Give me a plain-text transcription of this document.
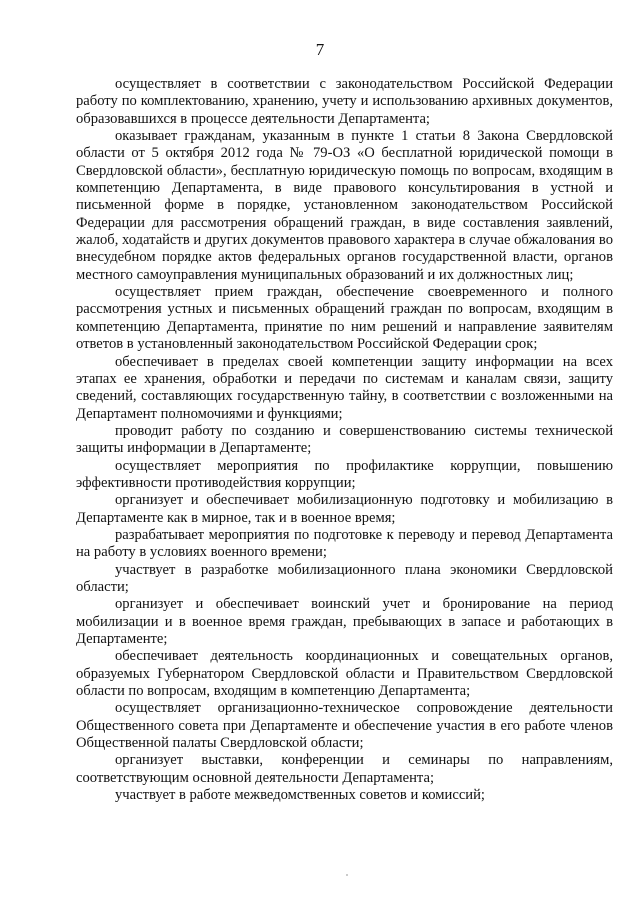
7

осуществляет в соответствии с законодательством Российской Федерации работу по комплектованию, хранению, учету и использованию архивных документов, образовавшихся в процессе деятельности Департамента;

оказывает гражданам, указанным в пункте 1 статьи 8 Закона Свердловской области от 5 октября 2012 года № 79-ОЗ «О бесплатной юридической помощи в Свердловской области», бесплатную юридическую помощь по вопросам, входящим в компетенцию Департамента, в виде правового консультирования в устной и письменной форме в порядке, установленном законодательством Российской Федерации для рассмотрения обращений граждан, в виде составления заявлений, жалоб, ходатайств и других документов правового характера в случае обжалования во внесудебном порядке актов федеральных органов государственной власти, органов местного самоуправления муниципальных образований и их должностных лиц;

осуществляет прием граждан, обеспечение своевременного и полного рассмотрения устных и письменных обращений граждан по вопросам, входящим в компетенцию Департамента, принятие по ним решений и направление заявителям ответов в установленный законодательством Российской Федерации срок;

обеспечивает в пределах своей компетенции защиту информации на всех этапах ее хранения, обработки и передачи по системам и каналам связи, защиту сведений, составляющих государственную тайну, в соответствии с возложенными на Департамент полномочиями и функциями;

проводит работу по созданию и совершенствованию системы технической защиты информации в Департаменте;

осуществляет мероприятия по профилактике коррупции, повышению эффективности противодействия коррупции;

организует и обеспечивает мобилизационную подготовку и мобилизацию в Департаменте как в мирное, так и в военное время;

разрабатывает мероприятия по подготовке к переводу и перевод Департамента на работу в условиях военного времени;

участвует в разработке мобилизационного плана экономики Свердловской области;

организует и обеспечивает воинский учет и бронирование на период мобилизации и в военное время граждан, пребывающих в запасе и работающих в Департаменте;

обеспечивает деятельность координационных и совещательных органов, образуемых Губернатором Свердловской области и Правительством Свердловской области по вопросам, входящим в компетенцию Департамента;

осуществляет организационно-техническое сопровождение деятельности Общественного совета при Департаменте и обеспечение участия в его работе членов Общественной палаты Свердловской области;

организует выставки, конференции и семинары по направлениям, соответствующим основной деятельности Департамента;

участвует в работе межведомственных советов и комиссий;
